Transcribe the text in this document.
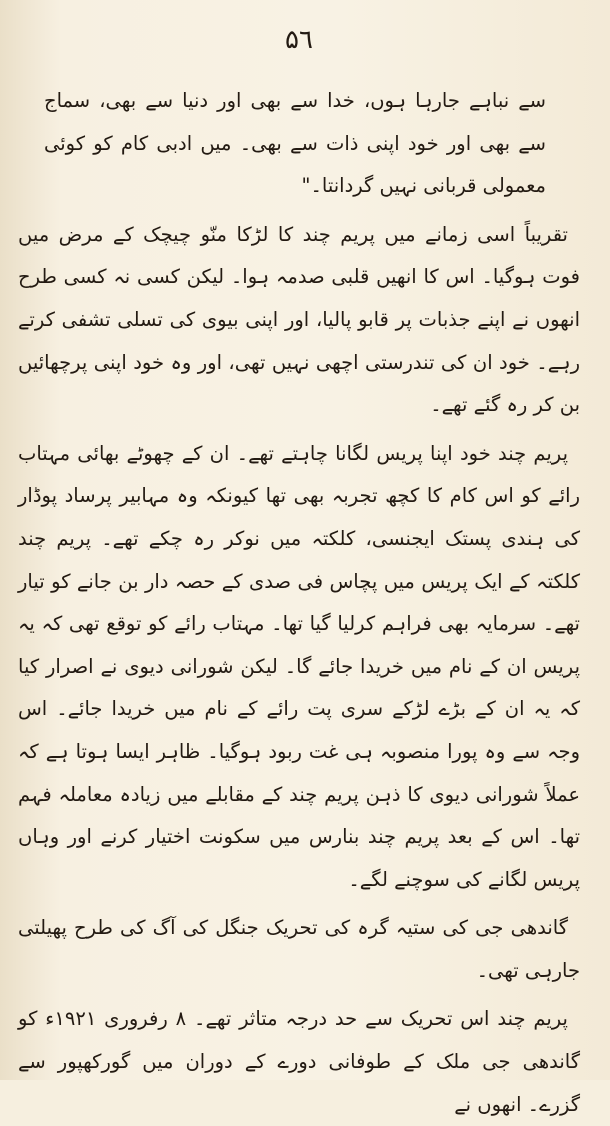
۵٦

سے نباہے جارہا ہوں، خدا سے بھی اور دنیا سے بھی، سماج سے بھی اور خود اپنی ذات سے بھی۔ میں ادبی کام کو کوئی معمولی قربانی نہیں گردانتا۔"

تقریباً اسی زمانے میں پریم چند کا لڑکا منّو چیچک کے مرض میں فوت ہوگیا۔ اس کا انھیں قلبی صدمہ ہوا۔ لیکن کسی نہ کسی طرح انھوں نے اپنے جذبات پر قابو پالیا، اور اپنی بیوی کی تسلی تشفی کرتے رہے۔ خود ان کی تندرستی اچھی نہیں تھی، اور وہ خود اپنی پرچھائیں بن کر رہ گئے تھے۔

پریم چند خود اپنا پریس لگانا چاہتے تھے۔ ان کے چھوٹے بھائی مہتاب رائے کو اس کام کا کچھ تجربہ بھی تھا کیونکہ وہ مہابیر پرساد پوڈار کی ہندی پستک ایجنسی، کلکتہ میں نوکر رہ چکے تھے۔ پریم چند کلکتہ کے ایک پریس میں پچاس فی صدی کے حصہ دار بن جانے کو تیار تھے۔ سرمایہ بھی فراہم کرلیا گیا تھا۔ مہتاب رائے کو توقع تھی کہ یہ پریس ان کے نام میں خریدا جائے گا۔ لیکن شورانی دیوی نے اصرار کیا کہ یہ ان کے بڑے لڑکے سری پت رائے کے نام میں خریدا جائے۔ اس وجہ سے وہ پورا منصوبہ ہی غت ربود ہوگیا۔ ظاہر ایسا ہوتا ہے کہ عملاً شورانی دیوی کا ذہن پریم چند کے مقابلے میں زیادہ معاملہ فہم تھا۔ اس کے بعد پریم چند بنارس میں سکونت اختیار کرنے اور وہاں پریس لگانے کی سوچنے لگے۔

گاندھی جی کی ستیہ گرہ کی تحریک جنگل کی آگ کی طرح پھیلتی جارہی تھی۔

پریم چند اس تحریک سے حد درجہ متاثر تھے۔ ۸ رفروری ۱۹۲۱ء کو گاندھی جی ملک کے طوفانی دورے کے دوران میں گورکھپور سے گزرے۔ انھوں نے
